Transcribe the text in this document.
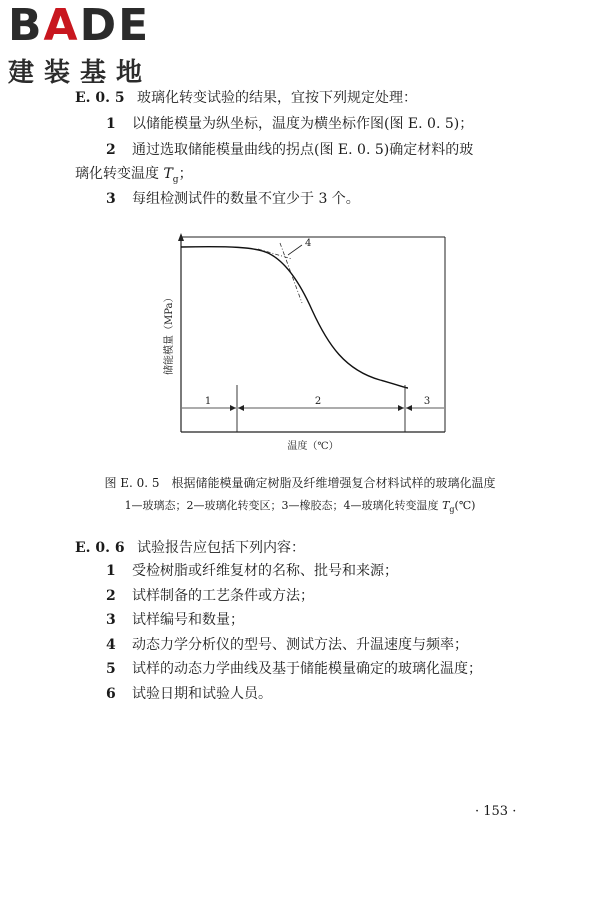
BADE
建装基地
E. 0. 5 玻璃化转变试验的结果，宜按下列规定处理：
1 以储能模量为纵坐标，温度为横坐标作图(图 E. 0. 5)；
2 通过选取储能模量曲线的拐点(图 E. 0. 5)确定材料的玻
璃化转变温度 $T_g$；
3 每组检测试件的数量不宜少于 3 个。
4
1	2	3
储能模量（MPa）
温度（℃）
图 E. 0. 5　根据储能模量确定树脂及纤维增强复合材料试样的玻璃化温度
1—玻璃态；2—玻璃化转变区；3—橡胶态；4—玻璃化转变温度 $T_g(℃)$
E. 0. 6 试验报告应包括下列内容：
1 受检树脂或纤维复材的名称、批号和来源；
2 试样制备的工艺条件或方法；
3 试样编号和数量；
4 动态力学分析仪的型号、测试方法、升温速度与频率；
5 试样的动态力学曲线及基于储能模量确定的玻璃化温度；
6 试验日期和试验人员。
· 153 ·
